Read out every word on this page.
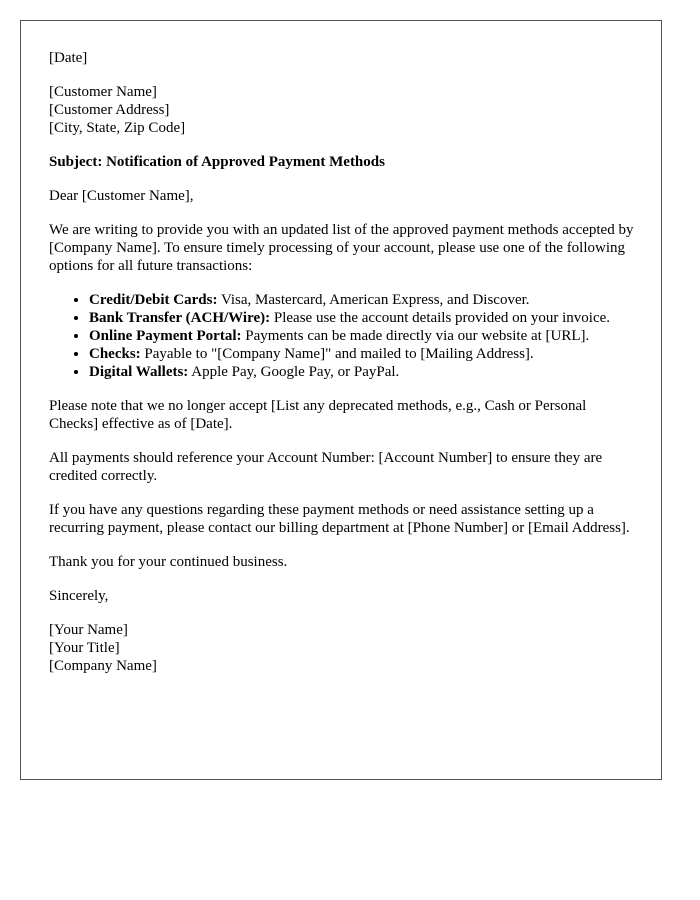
[Date]

[Customer Name]
[Customer Address]
[City, State, Zip Code]

Subject: Notification of Approved Payment Methods

Dear [Customer Name],

We are writing to provide you with an updated list of the approved payment methods accepted by [Company Name]. To ensure timely processing of your account, please use one of the following options for all future transactions:

• Credit/Debit Cards: Visa, Mastercard, American Express, and Discover.
• Bank Transfer (ACH/Wire): Please use the account details provided on your invoice.
• Online Payment Portal: Payments can be made directly via our website at [URL].
• Checks: Payable to "[Company Name]" and mailed to [Mailing Address].
• Digital Wallets: Apple Pay, Google Pay, or PayPal.

Please note that we no longer accept [List any deprecated methods, e.g., Cash or Personal Checks] effective as of [Date].

All payments should reference your Account Number: [Account Number] to ensure they are credited correctly.

If you have any questions regarding these payment methods or need assistance setting up a recurring payment, please contact our billing department at [Phone Number] or [Email Address].

Thank you for your continued business.

Sincerely,

[Your Name]
[Your Title]
[Company Name]
